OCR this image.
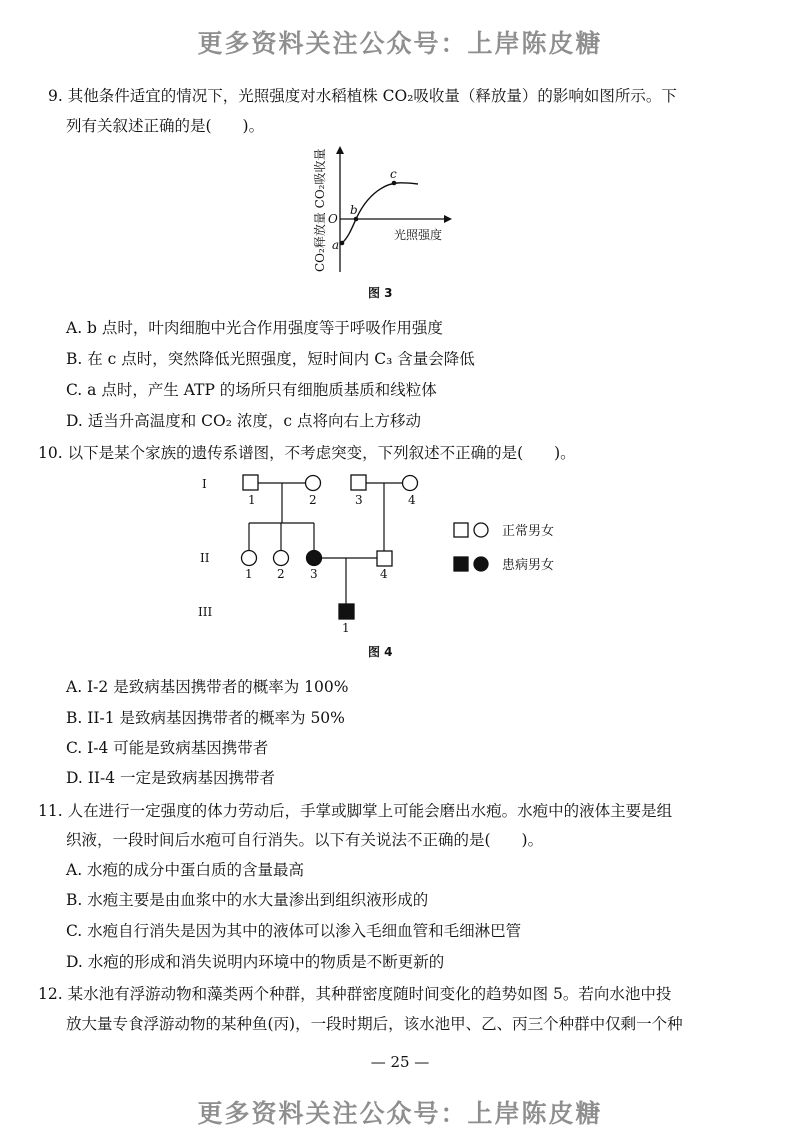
更多资料关注公众号：上岸陈皮糖
9. 其他条件适宜的情况下，光照强度对水稻植株 CO₂吸收量（释放量）的影响如图所示。下
列有关叙述正确的是(　　)。
a
b
c
O
光照强度
CO₂释放量 CO₂吸收量
图 3
A. b 点时，叶肉细胞中光合作用强度等于呼吸作用强度
B. 在 c 点时，突然降低光照强度，短时间内 C₃ 含量会降低
C. a 点时，产生 ATP 的场所只有细胞质基质和线粒体
D. 适当升高温度和 CO₂ 浓度，c 点将向右上方移动
10. 以下是某个家族的遗传系谱图，不考虑突变，下列叙述不正确的是(　　)。
I
II
III
1	2	3	4
1 2 3	4
1
正常男女
患病男女
图 4
A. I-2 是致病基因携带者的概率为 100%
B. II-1 是致病基因携带者的概率为 50%
C. I-4 可能是致病基因携带者
D. II-4 一定是致病基因携带者
11. 人在进行一定强度的体力劳动后，手掌或脚掌上可能会磨出水疱。水疱中的液体主要是组
织液，一段时间后水疱可自行消失。以下有关说法不正确的是(　　)。
A. 水疱的成分中蛋白质的含量最高
B. 水疱主要是由血浆中的水大量渗出到组织液形成的
C. 水疱自行消失是因为其中的液体可以渗入毛细血管和毛细淋巴管
D. 水疱的形成和消失说明内环境中的物质是不断更新的
12. 某水池有浮游动物和藻类两个种群，其种群密度随时间变化的趋势如图 5。若向水池中投
放大量专食浮游动物的某种鱼(丙)，一段时期后，该水池甲、乙、丙三个种群中仅剩一个种
— 25 —
更多资料关注公众号：上岸陈皮糖
